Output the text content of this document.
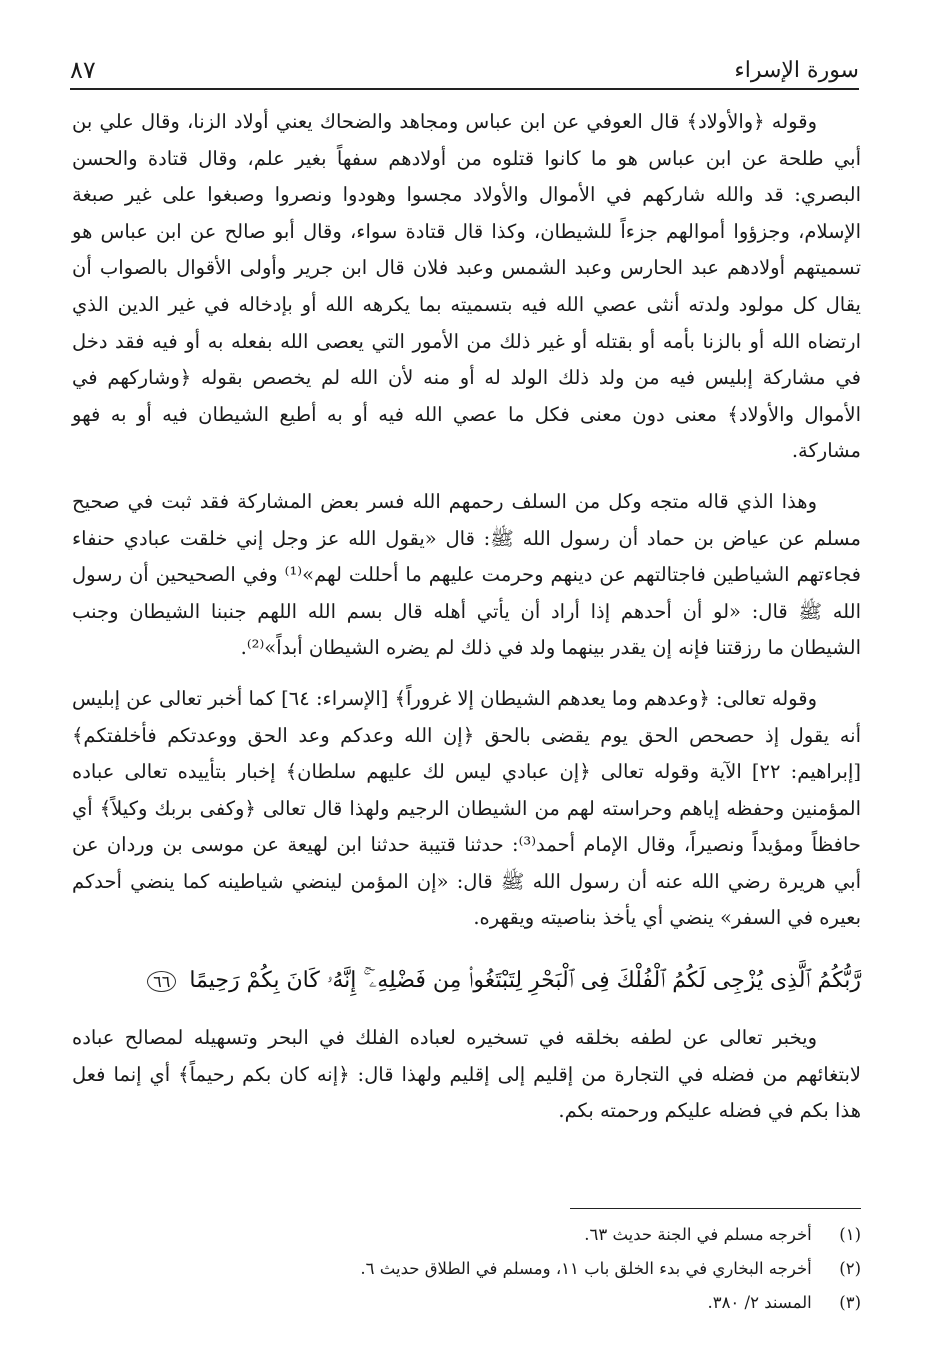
سورة الإسراء
٨٧

وقوله ﴿والأولاد﴾ قال العوفي عن ابن عباس ومجاهد والضحاك يعني أولاد الزنا، وقال علي بن أبي طلحة عن ابن عباس هو ما كانوا قتلوه من أولادهم سفهاً بغير علم، وقال قتادة والحسن البصري: قد والله شاركهم في الأموال والأولاد مجسوا وهودوا ونصروا وصبغوا على غير صبغة الإسلام، وجزؤوا أموالهم جزءاً للشيطان، وكذا قال قتادة سواء، وقال أبو صالح عن ابن عباس هو تسميتهم أولادهم عبد الحارس وعبد الشمس وعبد فلان قال ابن جرير وأولى الأقوال بالصواب أن يقال كل مولود ولدته أنثى عصي الله فيه بتسميته بما يكرهه الله أو بإدخاله في غير الدين الذي ارتضاه الله أو بالزنا بأمه أو بقتله أو غير ذلك من الأمور التي يعصى الله بفعله به أو فيه فقد دخل في مشاركة إبليس فيه من ولد ذلك الولد له أو منه لأن الله لم يخصص بقوله ﴿وشاركهم في الأموال والأولاد﴾ معنى دون معنى فكل ما عصي الله فيه أو به أطيع الشيطان فيه أو به فهو مشاركة.

وهذا الذي قاله متجه وكل من السلف رحمهم الله فسر بعض المشاركة فقد ثبت في صحيح مسلم عن عياض بن حماد أن رسول الله ﷺ: قال «يقول الله عز وجل إني خلقت عبادي حنفاء فجاءتهم الشياطين فاجتالتهم عن دينهم وحرمت عليهم ما أحللت لهم»⁽¹⁾ وفي الصحيحين أن رسول الله ﷺ قال: «لو أن أحدهم إذا أراد أن يأتي أهله قال بسم الله اللهم جنبنا الشيطان وجنب الشيطان ما رزقتنا فإنه إن يقدر بينهما ولد في ذلك لم يضره الشيطان أبداً»⁽²⁾.

وقوله تعالى: ﴿وعدهم وما يعدهم الشيطان إلا غروراً﴾ [الإسراء: ٦٤] كما أخبر تعالى عن إبليس أنه يقول إذ حصحص الحق يوم يقضى بالحق ﴿إن الله وعدكم وعد الحق ووعدتكم فأخلفتكم﴾ [إبراهيم: ٢٢] الآية وقوله تعالى ﴿إن عبادي ليس لك عليهم سلطان﴾ إخبار بتأييده تعالى عباده المؤمنين وحفظه إياهم وحراسته لهم من الشيطان الرجيم ولهذا قال تعالى ﴿وكفى بربك وكيلاً﴾ أي حافظاً ومؤيداً ونصيراً، وقال الإمام أحمد⁽³⁾: حدثنا قتيبة حدثنا ابن لهيعة عن موسى بن وردان عن أبي هريرة رضي الله عنه أن رسول الله ﷺ قال: «إن المؤمن لينضي شياطينه كما ينضي أحدكم بعيره في السفر» ينضي أي يأخذ بناصيته ويقهره.

رَّبُّكُمُ ٱلَّذِى يُزْجِى لَكُمُ ٱلْفُلْكَ فِى ٱلْبَحْرِ لِتَبْتَغُوا۟ مِن فَضْلِهِۦٓ ۚ إِنَّهُۥ كَانَ بِكُمْ رَحِيمًا ٦٦

ويخبر تعالى عن لطفه بخلقه في تسخيره لعباده الفلك في البحر وتسهيله لمصالح عباده لابتغائهم من فضله في التجارة من إقليم إلى إقليم ولهذا قال: ﴿إنه كان بكم رحيماً﴾ أي إنما فعل هذا بكم في فضله عليكم ورحمته بكم.

(١) أخرجه مسلم في الجنة حديث ٦٣.
(٢) أخرجه البخاري في بدء الخلق باب ١١، ومسلم في الطلاق حديث ٦.
(٣) المسند ٢/ ٣٨٠.
